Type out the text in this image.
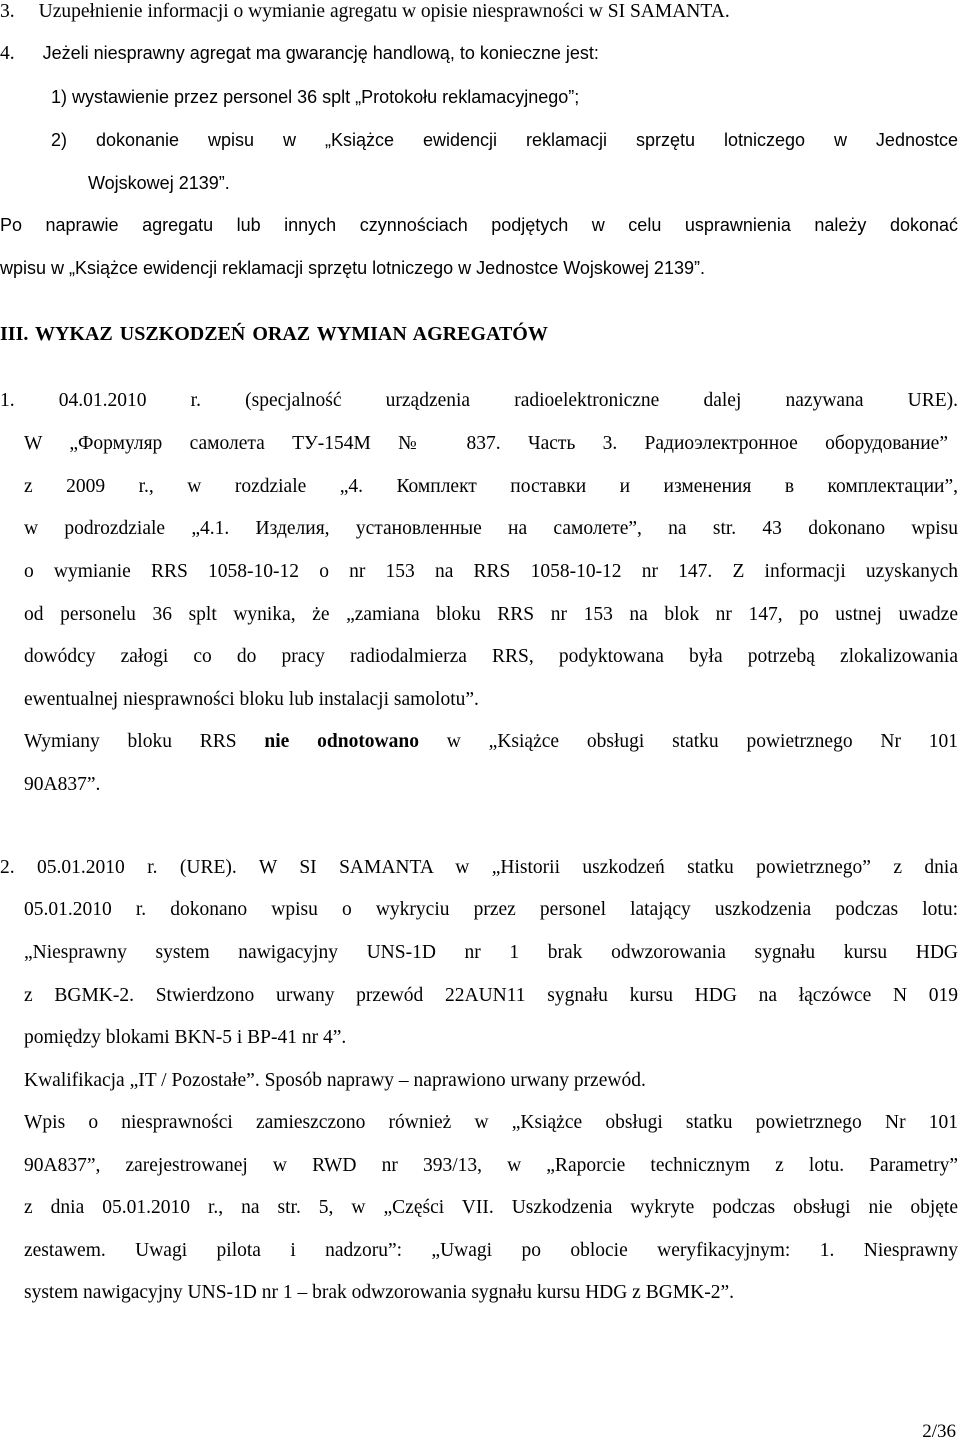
3. Uzupełnienie informacji o wymianie agregatu w opisie niesprawności w SI SAMANTA.
4. Jeżeli niesprawny agregat ma gwarancję handlową, to konieczne jest:
1) wystawienie przez personel 36 splt „Protokołu reklamacyjnego”;
2) dokonanie wpisu w „Książce ewidencji reklamacji sprzętu lotniczego w Jednostce
Wojskowej 2139”.
Po naprawie agregatu lub innych czynnościach podjętych w celu usprawnienia należy dokonać
wpisu w „Książce ewidencji reklamacji sprzętu lotniczego w Jednostce Wojskowej 2139”.
III. WYKAZ USZKODZEŃ ORAZ WYMIAN AGREGATÓW
1. 04.01.2010 r. (specjalność urządzenia radioelektroniczne dalej nazywana URE).
W „Формуляр самолета ТУ-154М № 837. Часть 3. Радиоэлектронное оборудование”
z 2009 r., w rozdziale „4. Комплект поставки и изменения в комплектации”,
w podrozdziale „4.1. Изделия, установленные на самолете”, na str. 43 dokonano wpisu
o wymianie RRS 1058-10-12 o nr 153 na RRS 1058-10-12 nr 147. Z informacji uzyskanych
od personelu 36 splt wynika, że „zamiana bloku RRS nr 153 na blok nr 147, po ustnej uwadze
dowódcy załogi co do pracy radiodalmierza RRS, podyktowana była potrzebą zlokalizowania
ewentualnej niesprawności bloku lub instalacji samolotu”.
Wymiany bloku RRS nie odnotowano w „Książce obsługi statku powietrznego Nr 101
90A837”.
2. 05.01.2010 r. (URE). W SI SAMANTA w „Historii uszkodzeń statku powietrznego” z dnia
05.01.2010 r. dokonano wpisu o wykryciu przez personel latający uszkodzenia podczas lotu:
„Niesprawny system nawigacyjny UNS-1D nr 1 brak odwzorowania sygnału kursu HDG
z BGMK-2. Stwierdzono urwany przewód 22AUN11 sygnału kursu HDG na łączówce N 019
pomiędzy blokami BKN-5 i BP-41 nr 4”.
Kwalifikacja „IT / Pozostałe”. Sposób naprawy – naprawiono urwany przewód.
Wpis o niesprawności zamieszczono również w „Książce obsługi statku powietrznego Nr 101
90A837”, zarejestrowanej w RWD nr 393/13, w „Raporcie technicznym z lotu. Parametry”
z dnia 05.01.2010 r., na str. 5, w „Części VII. Uszkodzenia wykryte podczas obsługi nie objęte
zestawem. Uwagi pilota i nadzoru”: „Uwagi po oblocie weryfikacyjnym: 1. Niesprawny
system nawigacyjny UNS-1D nr 1 – brak odwzorowania sygnału kursu HDG z BGMK-2”.
2/36
